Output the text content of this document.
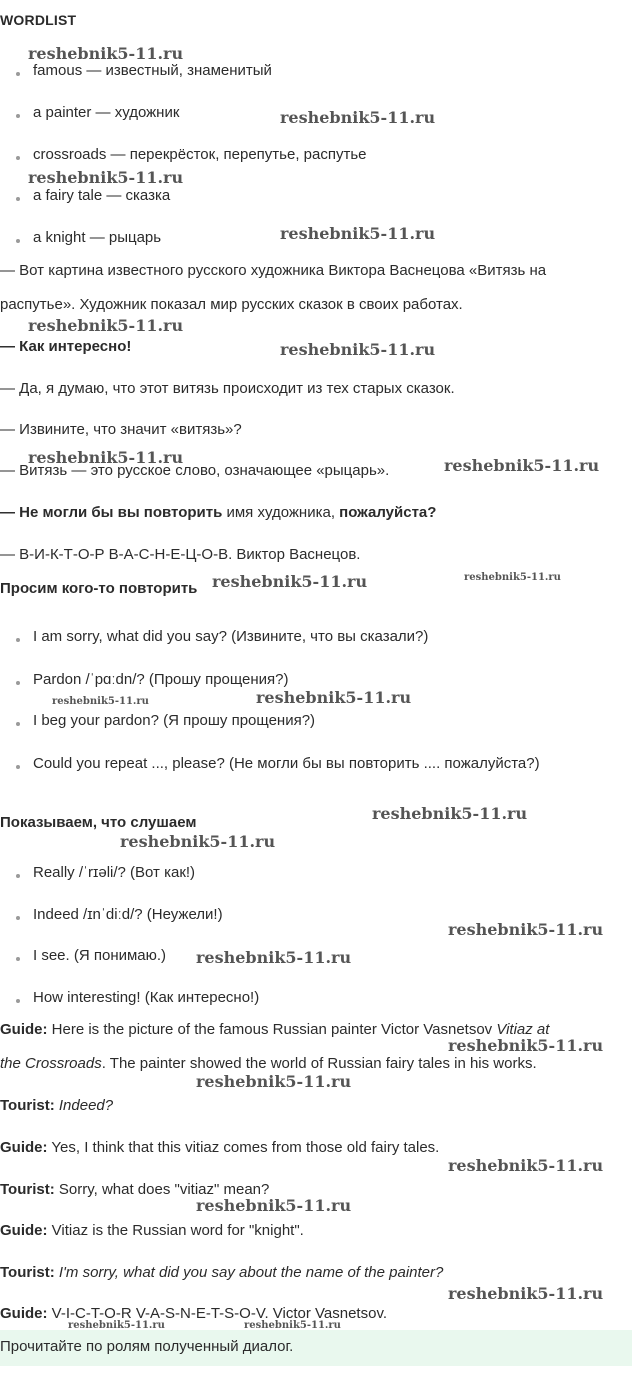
WORDLIST
famous — известный, знаменитый
a painter — художник
crossroads — перекрёсток, перепутье, распутье
a fairy tale — сказка
a knight — рыцарь
— Вот картина известного русского художника Виктора Васнецова «Витязь на
распутье». Художник показал мир русских сказок в своих работах.
— Как интересно!
— Да, я думаю, что этот витязь происходит из тех старых сказок.
— Извините, что значит «витязь»?
— Витязь — это русское слово, означающее «рыцарь».
— Не могли бы вы повторить имя художника, пожалуйста?
— В-И-К-Т-О-Р В-А-С-Н-Е-Ц-О-В. Виктор Васнецов.
Просим кого-то повторить
I am sorry, what did you say? (Извините, что вы сказали?)
Pardon /ˈpɑːdn/? (Прошу прощения?)
I beg your pardon? (Я прошу прощения?)
Could you repeat ..., please? (Не могли бы вы повторить .... пожалуйста?)
Показываем, что слушаем
Really /ˈrɪəli/? (Вот как!)
Indeed /ɪnˈdiːd/? (Неужели!)
I see. (Я понимаю.)
How interesting! (Как интересно!)
Guide: Here is the picture of the famous Russian painter Victor Vasnetsov Vitiaz at
the Crossroads. The painter showed the world of Russian fairy tales in his works.
Tourist: Indeed?
Guide: Yes, I think that this vitiaz comes from those old fairy tales.
Tourist: Sorry, what does "vitiaz" mean?
Guide: Vitiaz is the Russian word for "knight".
Tourist: I'm sorry, what did you say about the name of the painter?
Guide: V-I-C-T-O-R V-A-S-N-E-T-S-O-V. Victor Vasnetsov.
Прочитайте по ролям полученный диалог.
reshebnik5-11.ru
reshebnik5-11.ru
reshebnik5-11.ru
reshebnik5-11.ru
reshebnik5-11.ru
reshebnik5-11.ru
reshebnik5-11.ru	reshebnik5-11.ru
reshebnik5-11.ru	reshebnik5-11.ru
reshebnik5-11.ru	reshebnik5-11.ru
reshebnik5-11.ru
reshebnik5-11.ru
reshebnik5-11.ru
reshebnik5-11.ru
reshebnik5-11.ru
reshebnik5-11.ru
reshebnik5-11.ru
reshebnik5-11.ru
reshebnik5-11.ru
reshebnik5-11.ru	reshebnik5-11.ru
